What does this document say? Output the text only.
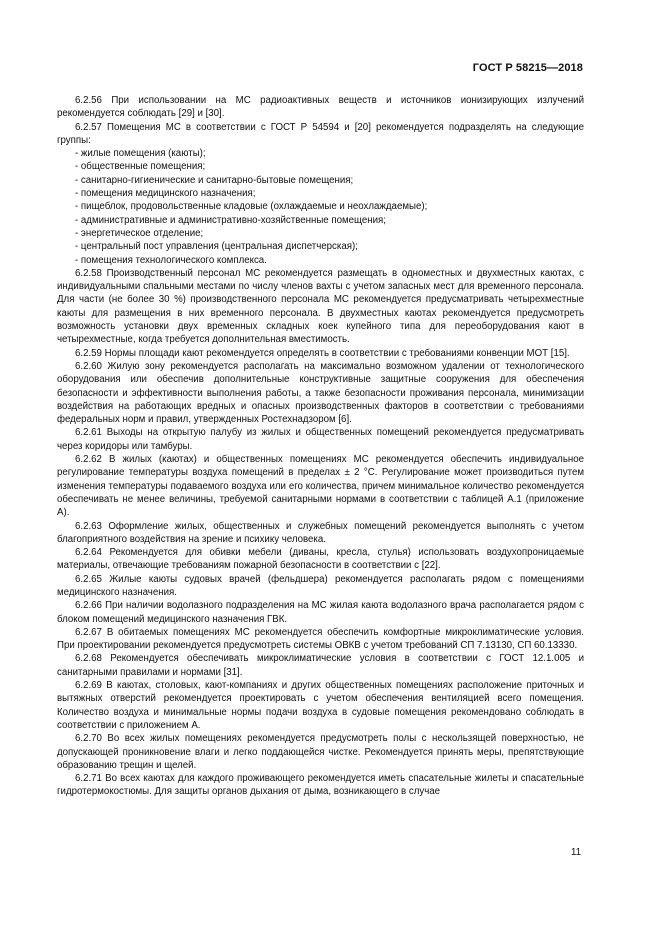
ГОСТ Р 58215—2018

6.2.56 При использовании на МС радиоактивных веществ и источников ионизирующих излучений рекомендуется соблюдать [29] и [30].

6.2.57 Помещения МС в соответствии с ГОСТ Р 54594 и [20] рекомендуется подразделять на следующие группы:

- жилые помещения (каюты);

- общественные помещения;

- санитарно-гигиенические и санитарно-бытовые помещения;

- помещения медицинского назначения;

- пищеблок, продовольственные кладовые (охлаждаемые и неохлаждаемые);

- административные и административно-хозяйственные помещения;

- энергетическое отделение;

- центральный пост управления (центральная диспетчерская);

- помещения технологического комплекса.

6.2.58 Производственный персонал МС рекомендуется размещать в одноместных и двухместных каютах, с индивидуальными спальными местами по числу членов вахты с учетом запасных мест для временного персонала. Для части (не более 30 %) производственного персонала МС рекомендуется предусматривать четырехместные каюты для размещения в них временного персонала. В двухместных каютах рекомендуется предусмотреть возможность установки двух временных складных коек купейного типа для переоборудования кают в четырехместные, когда требуется дополнительная вместимость.

6.2.59 Нормы площади кают рекомендуется определять в соответствии с требованиями конвенции МОТ [15].

6.2.60 Жилую зону рекомендуется располагать на максимально возможном удалении от технологического оборудования или обеспечив дополнительные конструктивные защитные сооружения для обеспечения безопасности и эффективности выполнения работы, а также безопасности проживания персонала, минимизации воздействия на работающих вредных и опасных производственных факторов в соответствии с требованиями федеральных норм и правил, утвержденных Ростехнадзором [6].

6.2.61 Выходы на открытую палубу из жилых и общественных помещений рекомендуется предусматривать через коридоры или тамбуры.

6.2.62 В жилых (каютах) и общественных помещениях МС рекомендуется обеспечить индивидуальное регулирование температуры воздуха помещений в пределах ± 2 °С. Регулирование может производиться путем изменения температуры подаваемого воздуха или его количества, причем минимальное количество рекомендуется обеспечивать не менее величины, требуемой санитарными нормами в соответствии с таблицей А.1 (приложение А).

6.2.63 Оформление жилых, общественных и служебных помещений рекомендуется выполнять с учетом благоприятного воздействия на зрение и психику человека.

6.2.64 Рекомендуется для обивки мебели (диваны, кресла, стулья) использовать воздухопроницаемые материалы, отвечающие требованиям пожарной безопасности в соответствии с [22].

6.2.65 Жилые каюты судовых врачей (фельдшера) рекомендуется располагать рядом с помещениями медицинского назначения.

6.2.66 При наличии водолазного подразделения на МС жилая каюта водолазного врача располагается рядом с блоком помещений медицинского назначения ГВК.

6.2.67 В обитаемых помещениях МС рекомендуется обеспечить комфортные микроклиматические условия. При проектировании рекомендуется предусмотреть системы ОВКВ с учетом требований СП 7.13130, СП 60.13330.

6.2.68 Рекомендуется обеспечивать микроклиматические условия в соответствии с ГОСТ 12.1.005 и санитарными правилами и нормами [31].

6.2.69 В каютах, столовых, кают-компаниях и других общественных помещениях расположение приточных и вытяжных отверстий рекомендуется проектировать с учетом обеспечения вентиляцией всего помещения. Количество воздуха и минимальные нормы подачи воздуха в судовые помещения рекомендовано соблюдать в соответствии с приложением А.

6.2.70 Во всех жилых помещениях рекомендуется предусмотреть полы с нескользящей поверхностью, не допускающей проникновение влаги и легко поддающейся чистке. Рекомендуется принять меры, препятствующие образованию трещин и щелей.

6.2.71 Во всех каютах для каждого проживающего рекомендуется иметь спасательные жилеты и спасательные гидротермокостюмы. Для защиты органов дыхания от дыма, возникающего в случае

11
